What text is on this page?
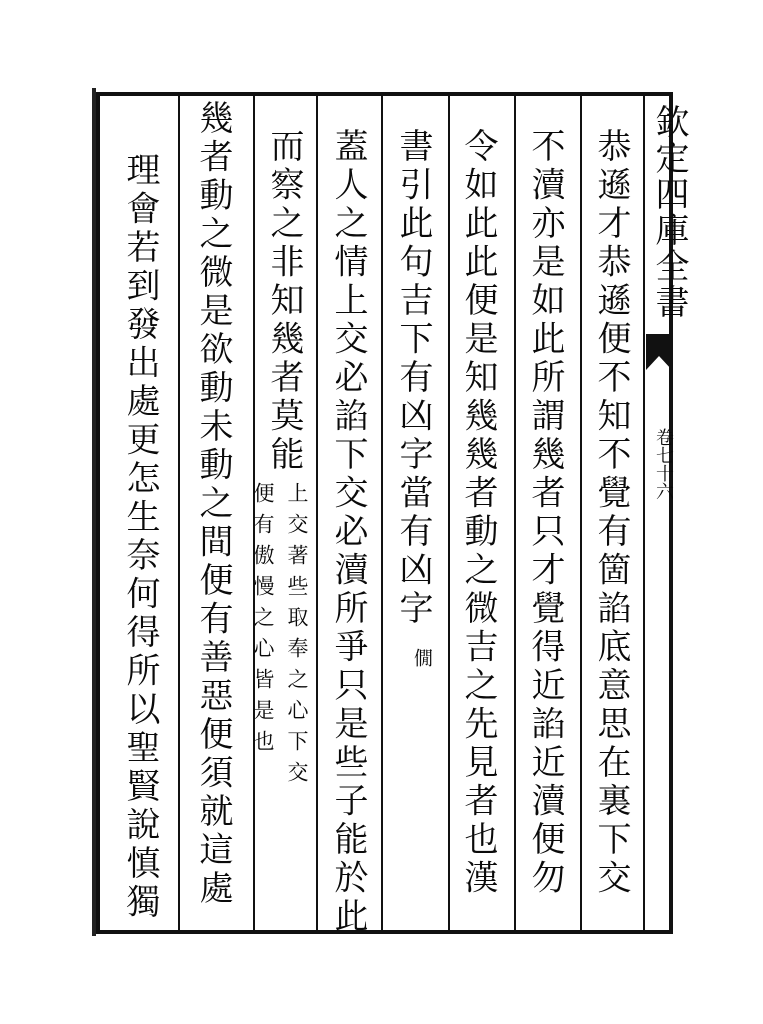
欽定四庫全書
卷七十六
恭遜才恭遜便不知不覺有箇諂底意思在裏下交
不瀆亦是如此所謂幾者只才覺得近諂近瀆便勿
令如此此便是知幾幾者動之微吉之先見者也漢
書引此句吉下有凶字當有凶字
僩
蓋人之情上交必諂下交必瀆所爭只是些子能於此
而察之非知幾者莫能
上交著些取奉之心下交
便有傲慢之心皆是也
幾者動之微是欲動未動之間便有善惡便須就這處
理會若到發出處更怎生奈何得所以聖賢說慎獨
